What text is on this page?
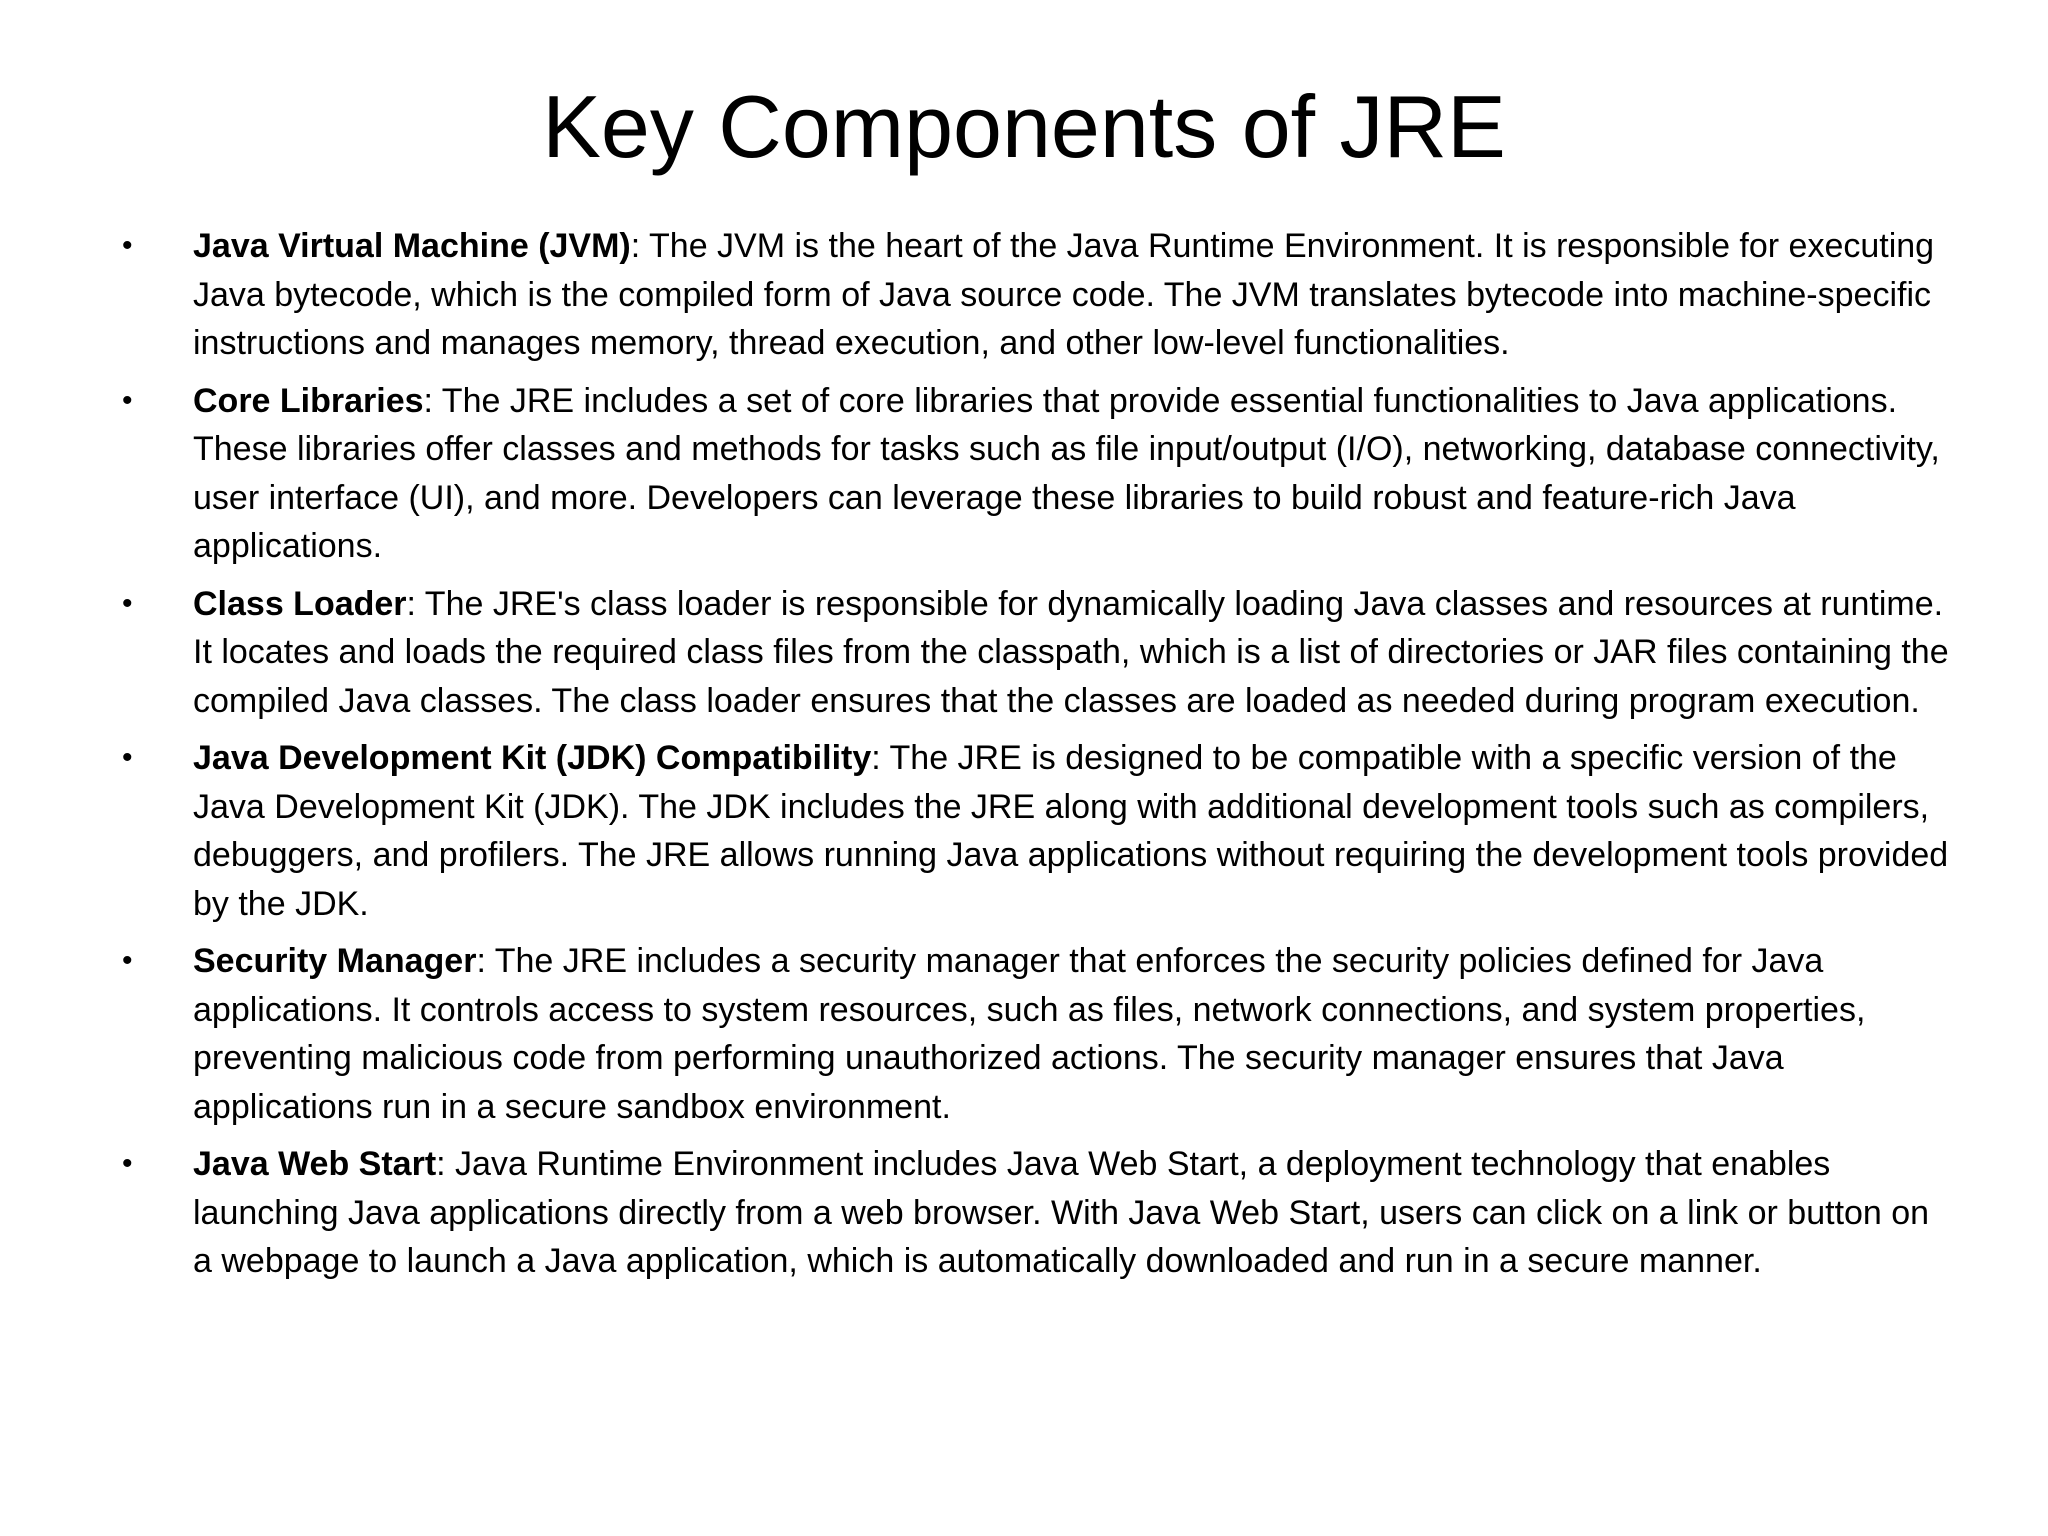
Key Components of JRE
•	Java Virtual Machine (JVM): The JVM is the heart of the Java Runtime Environment. It is responsible for executing Java bytecode, which is the compiled form of Java source code. The JVM translates bytecode into machine-specific instructions and manages memory, thread execution, and other low-level functionalities.
•	Core Libraries: The JRE includes a set of core libraries that provide essential functionalities to Java applications. These libraries offer classes and methods for tasks such as file input/output (I/O), networking, database connectivity, user interface (UI), and more. Developers can leverage these libraries to build robust and feature-rich Java applications.
•	Class Loader: The JRE's class loader is responsible for dynamically loading Java classes and resources at runtime. It locates and loads the required class files from the classpath, which is a list of directories or JAR files containing the compiled Java classes. The class loader ensures that the classes are loaded as needed during program execution.
•	Java Development Kit (JDK) Compatibility: The JRE is designed to be compatible with a specific version of the Java Development Kit (JDK). The JDK includes the JRE along with additional development tools such as compilers, debuggers, and profilers. The JRE allows running Java applications without requiring the development tools provided by the JDK.
•	Security Manager: The JRE includes a security manager that enforces the security policies defined for Java applications. It controls access to system resources, such as files, network connections, and system properties, preventing malicious code from performing unauthorized actions. The security manager ensures that Java applications run in a secure sandbox environment.
•	Java Web Start: Java Runtime Environment includes Java Web Start, a deployment technology that enables launching Java applications directly from a web browser. With Java Web Start, users can click on a link or button on a webpage to launch a Java application, which is automatically downloaded and run in a secure manner.
